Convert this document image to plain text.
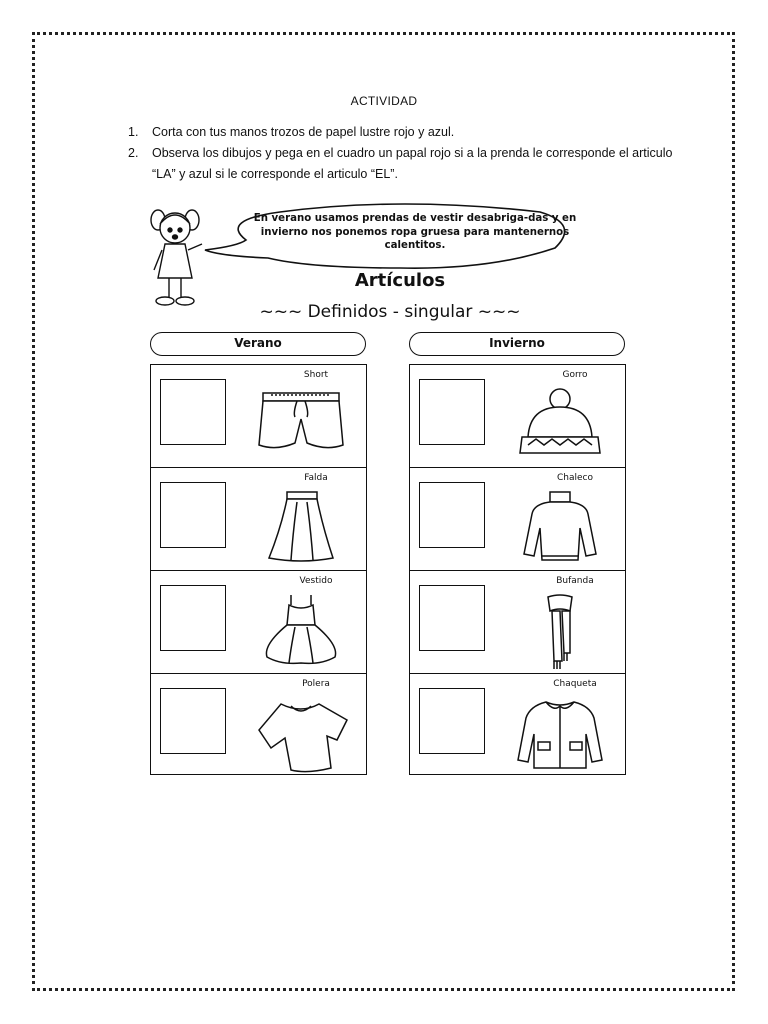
ACTIVIDAD
1. Corta con tus manos trozos de papel lustre rojo y azul.
2. Observa los dibujos y pega en el cuadro un papal rojo si a la prenda le corresponde el articulo “LA” y azul si le corresponde el articulo “EL”.
En verano usamos prendas de vestir desabriga-das y en invierno nos ponemos ropa gruesa para mantenernos calentitos.
Artículos
~~~ Definidos - singular ~~~
Verano
Short
Falda
Vestido
Polera
Invierno
Gorro
Chaleco
Bufanda
Chaqueta
